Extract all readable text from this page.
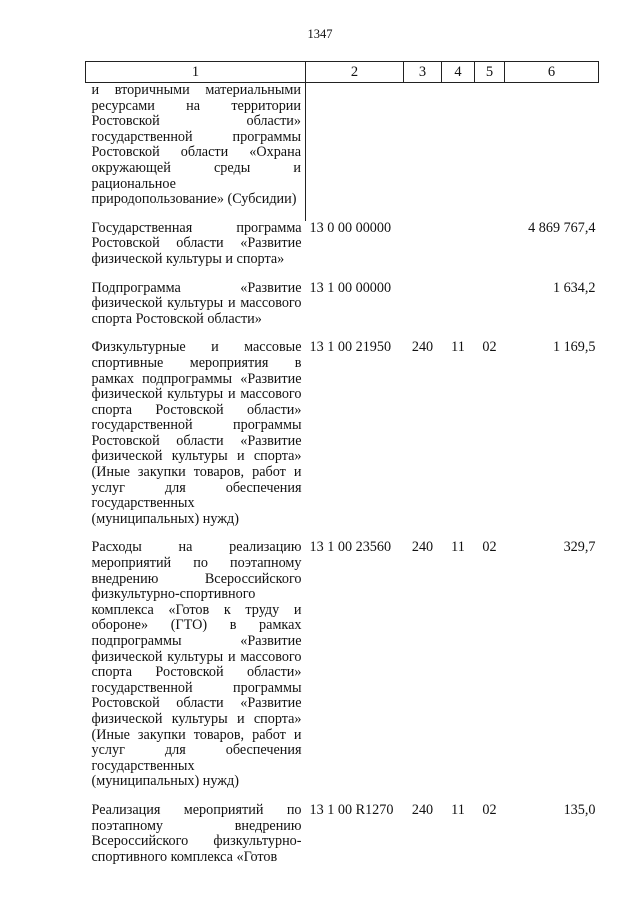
1347
1	2	3	4	5	6
и вторичными материальными ресурсами на территории Ростовской области» государственной программы Ростовской области «Охрана окружающей среды и рациональное природопользование» (Субсидии)					
Государственная программа Ростовской области «Развитие физической культуры и спорта»	13 0 00 00000				4 869 767,4
Подпрограмма «Развитие физической культуры и массового спорта Ростовской области»	13 1 00 00000				1 634,2
Физкультурные и массовые спортивные мероприятия в рамках подпрограммы «Развитие физической культуры и массового спорта Ростовской области» государственной программы Ростовской области «Развитие физической культуры и спорта» (Иные закупки товаров, работ и услуг для обеспечения государственных (муниципальных) нужд)	13 1 00 21950	240	11	02	1 169,5
Расходы на реализацию мероприятий по поэтапному внедрению Всероссийского физкультурно-спортивного комплекса «Готов к труду и обороне» (ГТО) в рамках подпрограммы «Развитие физической культуры и массового спорта Ростовской области» государственной программы Ростовской области «Развитие физической культуры и спорта» (Иные закупки товаров, работ и услуг для обеспечения государственных (муниципальных) нужд)	13 1 00 23560	240	11	02	329,7
Реализация мероприятий по поэтапному внедрению Всероссийского физкультурно-спортивного комплекса «Готов	13 1 00 R1270	240	11	02	135,0
